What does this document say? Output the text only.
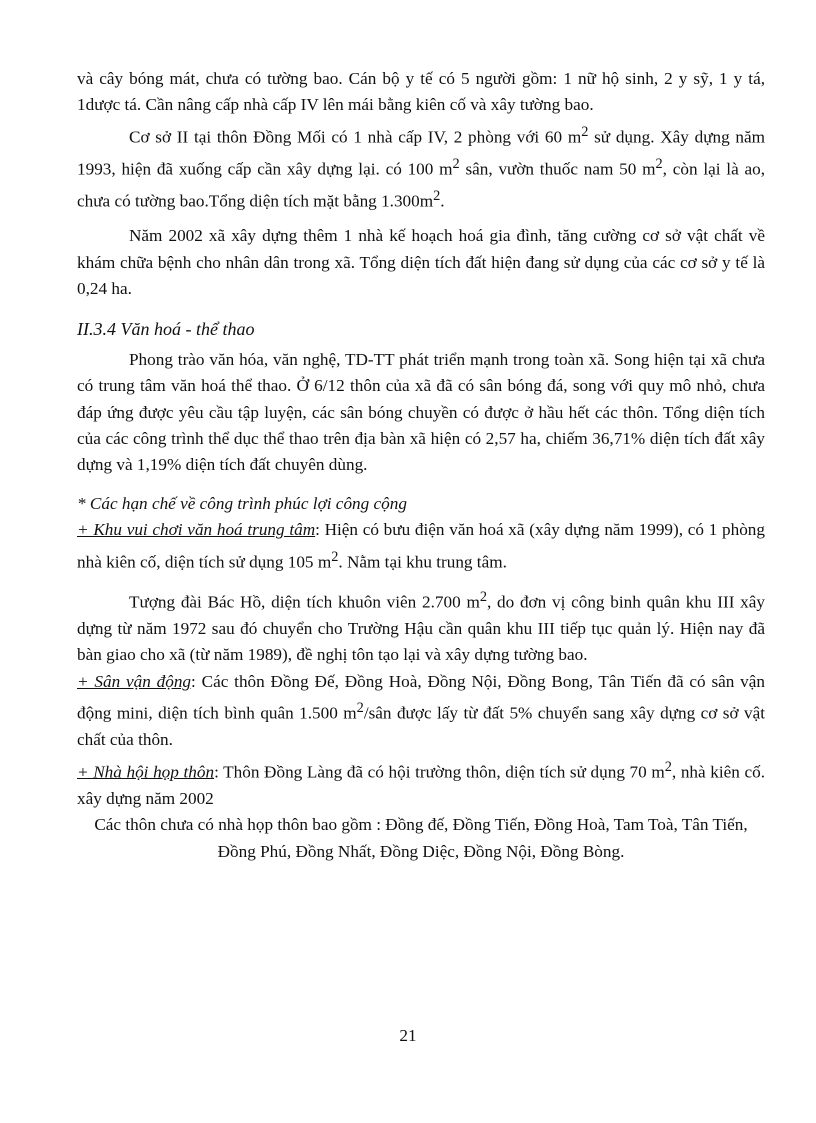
và cây bóng mát, chưa có tường bao. Cán bộ y tế có 5 người gồm: 1 nữ hộ sinh, 2 y sỹ, 1 y tá, 1dược tá. Cần nâng cấp nhà cấp IV lên mái bằng kiên cố và xây tường bao.

Cơ sở II tại thôn Đồng Mối có 1 nhà cấp IV, 2 phòng với 60 $m^2$ sử dụng. Xây dựng năm 1993, hiện đã xuống cấp cần xây dựng lại. có 100 $m^2$ sân, vườn thuốc nam 50 $m^2$, còn lại là ao, chưa có tường bao.Tổng diện tích mặt bằng $1.300m^2$.

Năm 2002 xã xây dựng thêm 1 nhà kế hoạch hoá gia đình, tăng cường cơ sở vật chất về khám chữa bệnh cho nhân dân trong xã. Tổng diện tích đất hiện đang sử dụng của các cơ sở y tế là 0,24 ha.

II.3.4 Văn hoá - thể thao

Phong trào văn hóa, văn nghệ, TD-TT phát triển mạnh trong toàn xã. Song hiện tại xã chưa có trung tâm văn hoá thể thao. Ở 6/12 thôn của xã đã có sân bóng đá, song với quy mô nhỏ, chưa đáp ứng được yêu cầu tập luyện, các sân bóng chuyền có được ở hầu hết các thôn. Tổng diện tích của các công trình thể dục thể thao trên địa bàn xã hiện có 2,57 ha, chiếm 36,71% diện tích đất xây dựng và 1,19% diện tích đất chuyên dùng.

* Các hạn chế về công trình phúc lợi công cộng

+ Khu vui chơi văn hoá trung tâm: Hiện có bưu điện văn hoá xã (xây dựng năm 1999), có 1 phòng nhà kiên cố, diện tích sử dụng 105 $m^2$. Nằm tại khu trung tâm.

Tượng đài Bác Hồ, diện tích khuôn viên 2.700 $m^2$, do đơn vị công binh quân khu III xây dựng từ năm 1972 sau đó chuyển cho Trường Hậu cần quân khu III tiếp tục quản lý. Hiện nay đã bàn giao cho xã (từ năm 1989), đề nghị tôn tạo lại và xây dựng tường bao.

+ Sân vận động: Các thôn Đồng Đế, Đồng Hoà, Đồng Nội, Đồng Bong, Tân Tiến đã có sân vận động mini, diện tích bình quân 1.500 $m^2$/sân được lấy từ đất 5% chuyển sang xây dựng cơ sở vật chất của thôn.

+ Nhà hội họp thôn: Thôn Đồng Làng đã có hội trường thôn, diện tích sử dụng 70 $m^2$, nhà kiên cố. xây dựng năm 2002

Các thôn chưa có nhà họp thôn bao gồm : Đồng đế, Đồng Tiến, Đồng Hoà, Tam Toà, Tân Tiến, Đồng Phú, Đồng Nhất, Đồng Diệc, Đồng Nội, Đồng Bòng.

21
